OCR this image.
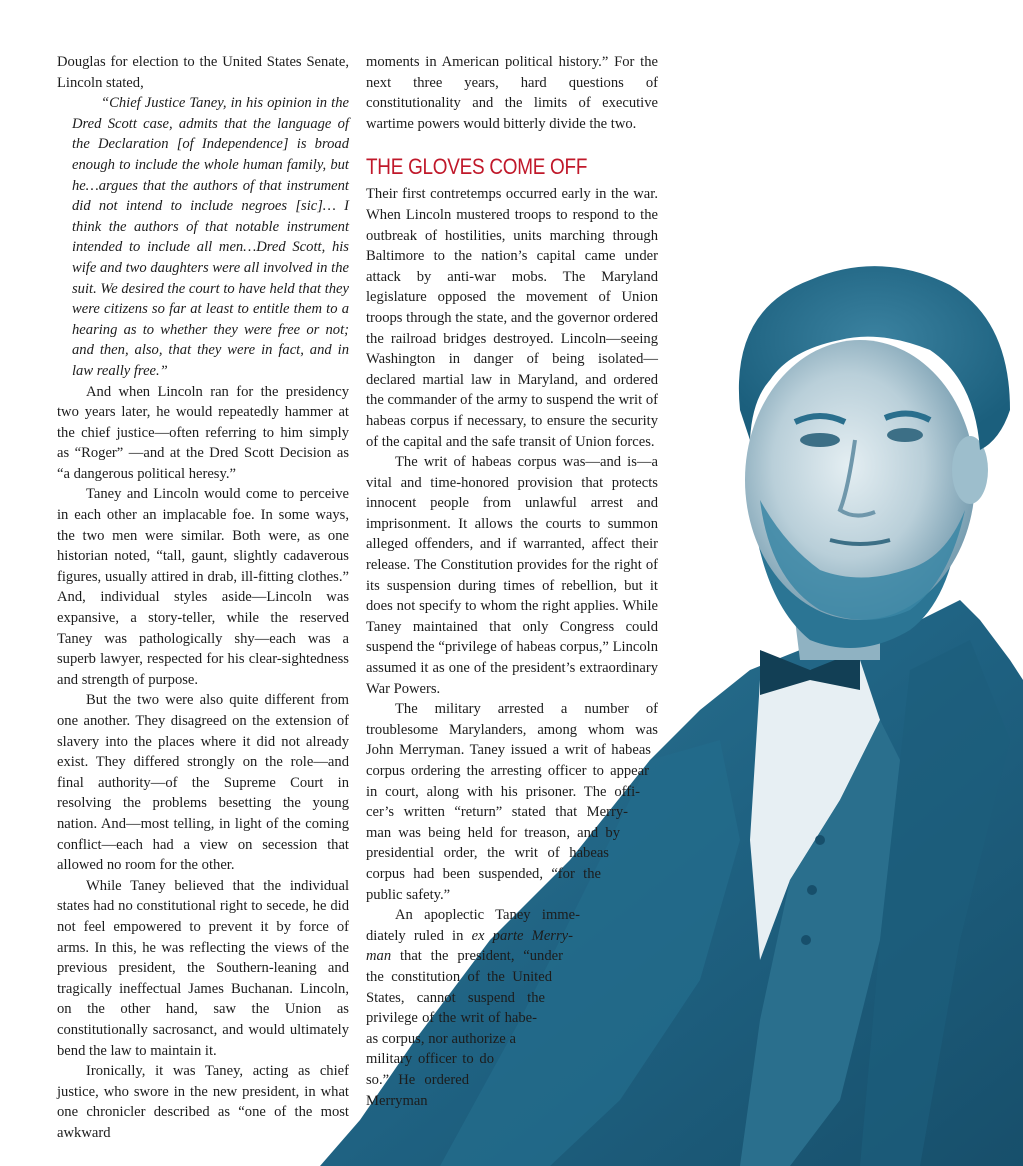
Douglas for election to the United States Senate, Lincoln stated,

“Chief Justice Taney, in his opinion in the Dred Scott case, admits that the language of the Declaration [of Independence] is broad enough to include the whole human family, but he…argues that the authors of that instrument did not intend to include negroes [sic]… I think the authors of that notable instrument intended to include all men…Dred Scott, his wife and two daughters were all involved in the suit. We desired the court to have held that they were citizens so far at least to entitle them to a hearing as to whether they were free or not; and then, also, that they were in fact, and in law really free.”

And when Lincoln ran for the presidency two years later, he would repeatedly hammer at the chief justice—often referring to him simply as “Roger” —and at the Dred Scott Decision as “a dangerous political heresy.”

Taney and Lincoln would come to perceive in each other an implacable foe. In some ways, the two men were similar. Both were, as one historian noted, “tall, gaunt, slightly cadaverous figures, usually attired in drab, ill-fitting clothes.” And, individual styles aside—Lincoln was expansive, a story-teller, while the reserved Taney was pathologically shy—each was a superb lawyer, respected for his clear-sightedness and strength of purpose.

But the two were also quite different from one another. They disagreed on the extension of slavery into the places where it did not already exist. They differed strongly on the role—and final authority—of the Supreme Court in resolving the problems besetting the young nation. And—most telling, in light of the coming conflict—each had a view on secession that allowed no room for the other.

While Taney believed that the individual states had no constitutional right to secede, he did not feel empowered to prevent it by force of arms. In this, he was reflecting the views of the previous president, the Southern-leaning and tragically ineffectual James Buchanan. Lincoln, on the other hand, saw the Union as constitutionally sacrosanct, and would ultimately bend the law to maintain it.

Ironically, it was Taney, acting as chief justice, who swore in the new president, in what one chronicler described as “one of the most awkward

moments in American political history.” For the next three years, hard questions of constitutionality and the limits of executive wartime powers would bitterly divide the two.

THE GLOVES COME OFF

Their first contretemps occurred early in the war. When Lincoln mustered troops to respond to the outbreak of hostilities, units marching through Baltimore to the nation’s capital came under attack by anti-war mobs. The Maryland legislature opposed the movement of Union troops through the state, and the governor ordered the railroad bridges destroyed. Lincoln—seeing Washington in danger of being isolated—declared martial law in Maryland, and ordered the commander of the army to suspend the writ of habeas corpus if necessary, to ensure the security of the capital and the safe transit of Union forces.

The writ of habeas corpus was—and is—a vital and time-honored provision that protects innocent people from unlawful arrest and imprisonment. It allows the courts to summon alleged offenders, and if warranted, affect their release. The Constitution provides for the right of its suspension during times of rebellion, but it does not specify to whom the right applies. While Taney maintained that only Congress could suspend the “privilege of habeas corpus,” Lincoln assumed it as one of the president’s extraordinary War Powers.

The military arrested a number of
troublesome Marylanders, among whom was
John Merryman. Taney issued a writ of habeas
corpus ordering the arresting officer to appear
in court, along with his prisoner. The offi-
cer’s written “return” stated that Merry-
man was being held for treason, and by
presidential order, the writ of habeas
corpus had been suspended, “for the
public safety.”
An apoplectic Taney imme-
diately ruled in ex parte Merry-
man that the president, “under
the constitution of the United
States, cannot suspend the
privilege of the writ of habe-
as corpus, nor authorize a
military officer to do
so.” He ordered
Merryman
